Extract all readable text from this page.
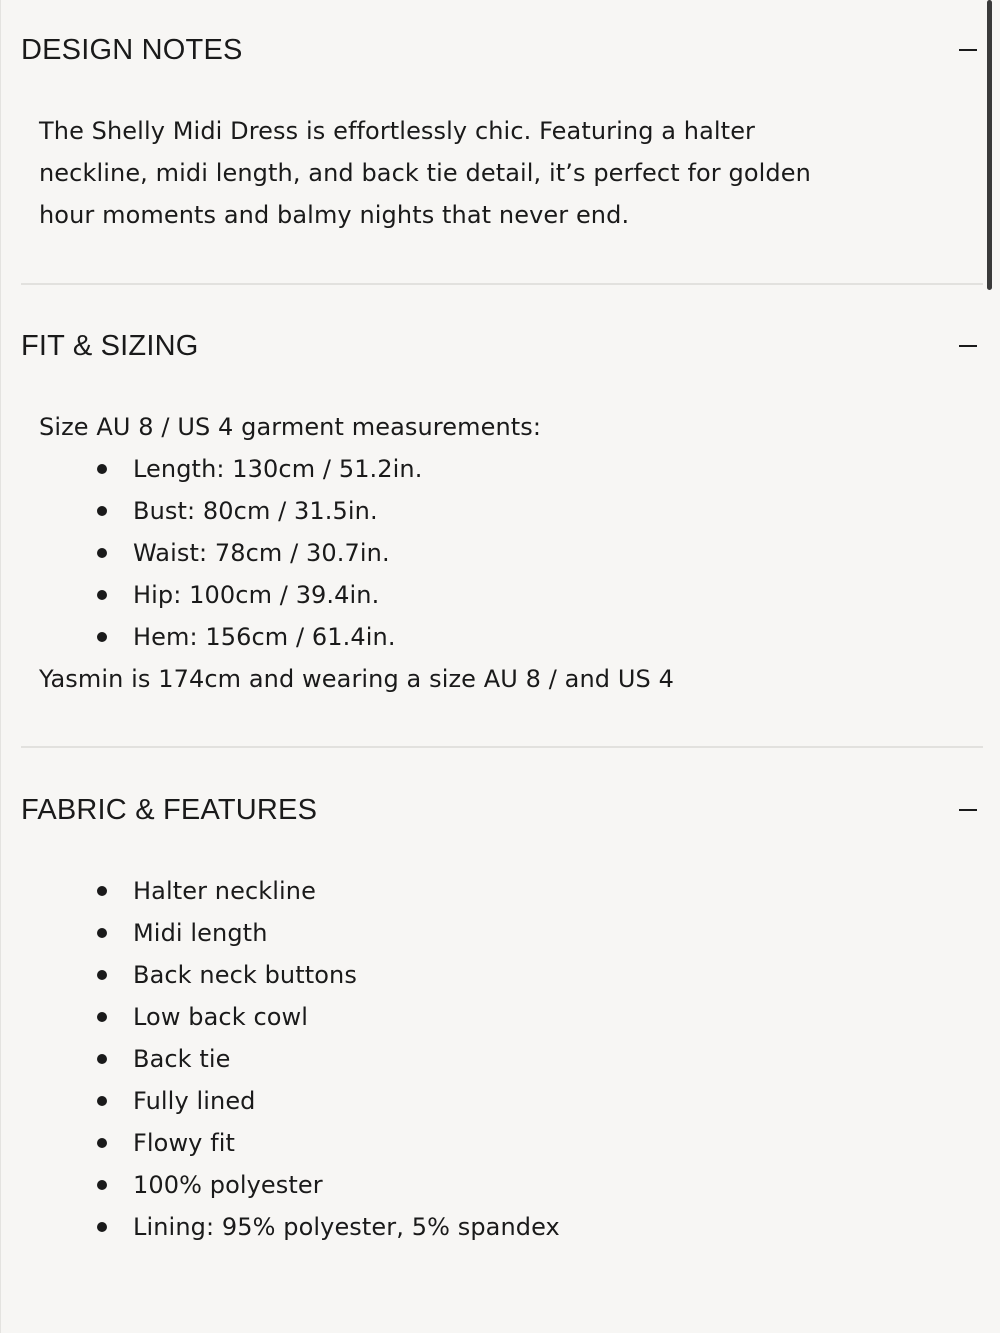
DESIGN NOTES

The Shelly Midi Dress is effortlessly chic. Featuring a halter
neckline, midi length, and back tie detail, it’s perfect for golden
hour moments and balmy nights that never end.

FIT & SIZING
Size AU 8 / US 4 garment measurements:
Length: 130cm / 51.2in.
Bust: 80cm / 31.5in.
Waist: 78cm / 30.7in.
Hip: 100cm / 39.4in.
Hem: 156cm / 61.4in.
Yasmin is 174cm and wearing a size AU 8 / and US 4
FABRIC & FEATURES
Halter neckline
Midi length
Back neck buttons
Low back cowl
Back tie
Fully lined
Flowy fit
100% polyester
Lining: 95% polyester, 5% spandex
